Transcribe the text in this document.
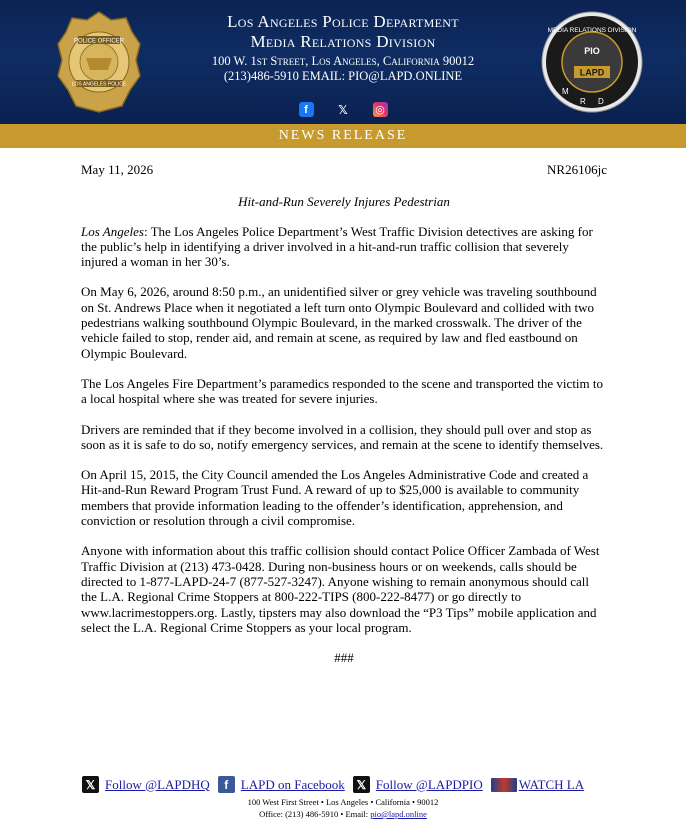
POLICE OFFICER
LOS ANGELES POLICE
Los Angeles Police Department
Media Relations Division
100 W. 1st Street, Los Angeles, California 90012
(213)486-5910 EMAIL: PIO@LAPD.ONLINE
f	𝕏 ◎
MEDIA RELATIONS DIVISION
PIO
LAPD
M
R D
NEWS RELEASE
May 11, 2026	NR26106jc
Hit-and-Run Severely Injures Pedestrian
Los Angeles: The Los Angeles Police Department’s West Traffic Division detectives are asking for the public’s help in identifying a driver involved in a hit-and-run traffic collision that severely injured a woman in her 30’s.
On May 6, 2026, around 8:50 p.m., an unidentified silver or grey vehicle was traveling southbound on St. Andrews Place when it negotiated a left turn onto Olympic Boulevard and collided with two pedestrians walking southbound Olympic Boulevard, in the marked crosswalk. The driver of the vehicle failed to stop, render aid, and remain at scene, as required by law and fled eastbound on Olympic Boulevard.
The Los Angeles Fire Department’s paramedics responded to the scene and transported the victim to a local hospital where she was treated for severe injuries.
Drivers are reminded that if they become involved in a collision, they should pull over and stop as soon as it is safe to do so, notify emergency services, and remain at the scene to identify themselves.
On April 15, 2015, the City Council amended the Los Angeles Administrative Code and created a Hit-and-Run Reward Program Trust Fund. A reward of up to $25,000 is available to community members that provide information leading to the offender’s identification, apprehension, and conviction or resolution through a civil compromise.
Anyone with information about this traffic collision should contact Police Officer Zambada of West Traffic Division at (213) 473-0428. During non-business hours or on weekends, calls should be directed to 1-877-LAPD-24-7 (877-527-3247). Anyone wishing to remain anonymous should call the L.A. Regional Crime Stoppers at 800-222-TIPS (800-222-8477) or go directly to www.lacrimestoppers.org. Lastly, tipsters may also download the “P3 Tips” mobile application and select the L.A. Regional Crime Stoppers as your local program.
###
𝕏 Follow @LAPDHQ	f LAPD on Facebook 𝕏 Follow @LAPDPIO	WATCH LA
100 West First Street • Los Angeles • California • 90012
Office: (213) 486-5910 • Email: pio@lapd.online
